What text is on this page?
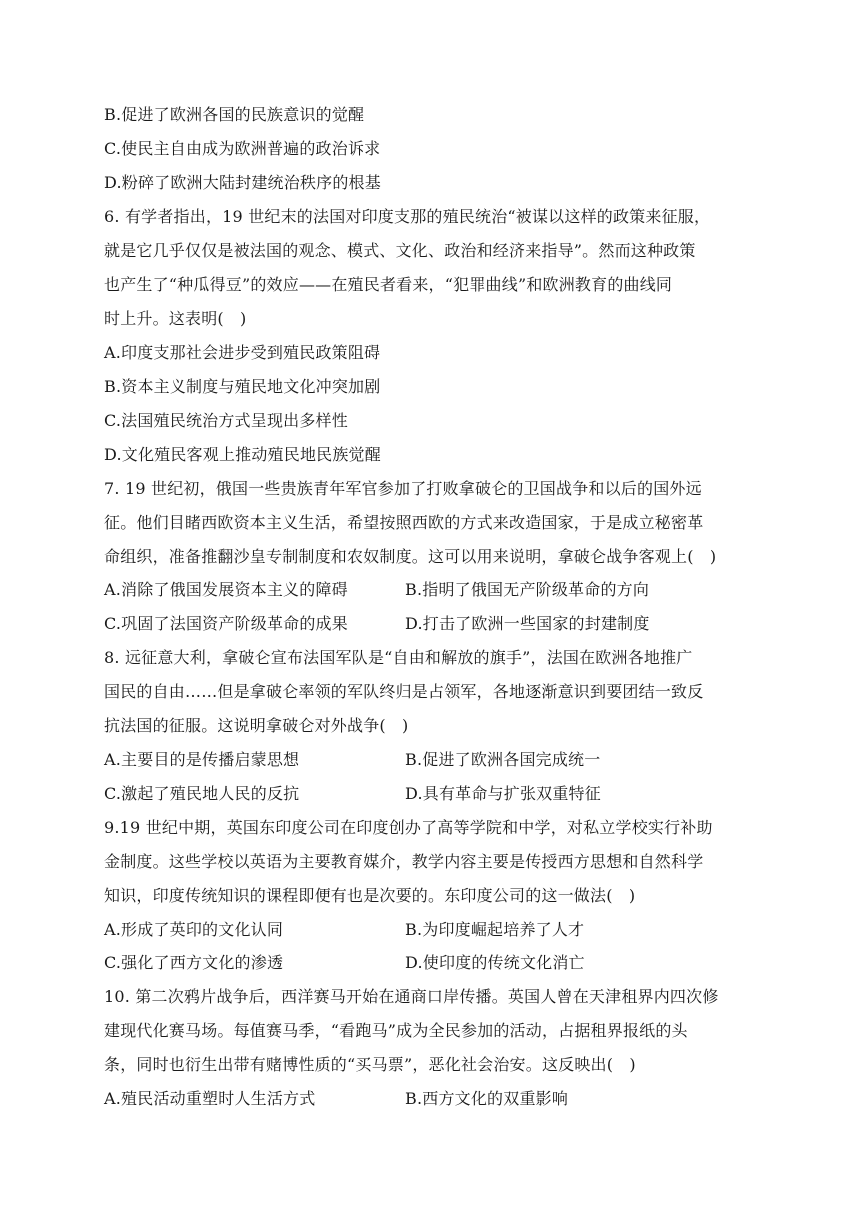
B.促进了欧洲各国的民族意识的觉醒
C.使民主自由成为欧洲普遍的政治诉求
D.粉碎了欧洲大陆封建统治秩序的根基
6. 有学者指出，19 世纪末的法国对印度支那的殖民统治“被谋以这样的政策来征服，
就是它几乎仅仅是被法国的观念、模式、文化、政治和经济来指导”。然而这种政策
也产生了“种瓜得豆”的效应——在殖民者看来，“犯罪曲线”和欧洲教育的曲线同
时上升。这表明(　)
A.印度支那社会进步受到殖民政策阻碍
B.资本主义制度与殖民地文化冲突加剧
C.法国殖民统治方式呈现出多样性
D.文化殖民客观上推动殖民地民族觉醒
7. 19 世纪初，俄国一些贵族青年军官参加了打败拿破仑的卫国战争和以后的国外远
征。他们目睹西欧资本主义生活，希望按照西欧的方式来改造国家，于是成立秘密革
命组织，准备推翻沙皇专制制度和农奴制度。这可以用来说明，拿破仑战争客观上(　)
A.消除了俄国发展资本主义的障碍	B.指明了俄国无产阶级革命的方向
C.巩固了法国资产阶级革命的成果	D.打击了欧洲一些国家的封建制度
8. 远征意大利，拿破仑宣布法国军队是“自由和解放的旗手”，法国在欧洲各地推广
国民的自由……但是拿破仑率领的军队终归是占领军，各地逐渐意识到要团结一致反
抗法国的征服。这说明拿破仑对外战争(　)
A.主要目的是传播启蒙思想	B.促进了欧洲各国完成统一
C.激起了殖民地人民的反抗	D.具有革命与扩张双重特征
9.19 世纪中期，英国东印度公司在印度创办了高等学院和中学，对私立学校实行补助
金制度。这些学校以英语为主要教育媒介，教学内容主要是传授西方思想和自然科学
知识，印度传统知识的课程即便有也是次要的。东印度公司的这一做法(　)
A.形成了英印的文化认同	B.为印度崛起培养了人才
C.强化了西方文化的渗透	D.使印度的传统文化消亡
10. 第二次鸦片战争后，西洋赛马开始在通商口岸传播。英国人曾在天津租界内四次修
建现代化赛马场。每值赛马季，“看跑马”成为全民参加的活动，占据租界报纸的头
条，同时也衍生出带有赌博性质的“买马票”，恶化社会治安。这反映出(　)
A.殖民活动重塑时人生活方式	B.西方文化的双重影响
